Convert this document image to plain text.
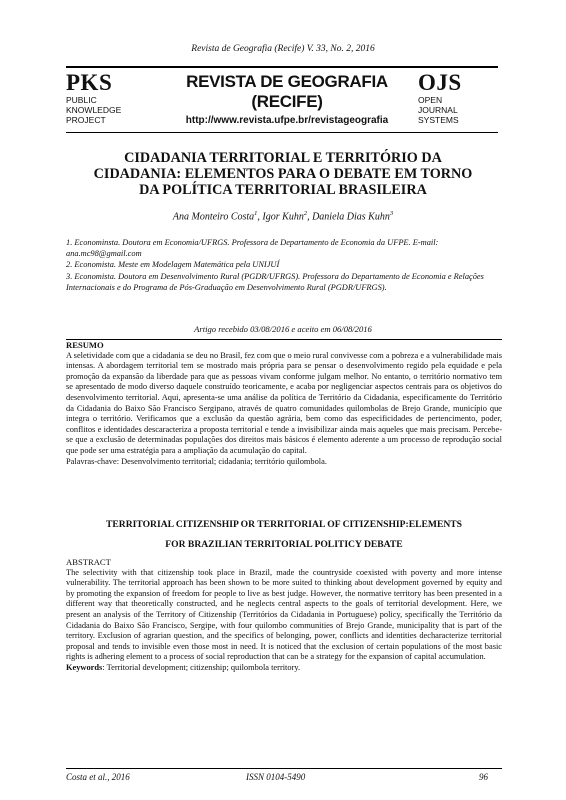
Revista de Geografia (Recife) V. 33, No. 2, 2016
PKS
PUBLIC
KNOWLEDGE
PROJECT
REVISTA DE GEOGRAFIA
(RECIFE)
http://www.revista.ufpe.br/revistageografia
OJS
OPEN
JOURNAL
SYSTEMS
CIDADANIA TERRITORIAL E TERRITÓRIO DA
CIDADANIA: ELEMENTOS PARA O DEBATE EM TORNO
DA POLÍTICA TERRITORIAL BRASILEIRA
Ana Monteiro Costa$^1$, Igor Kuhn$^2$, Daniela Dias Kuhn$^3$
1. Econominsta. Doutora em Economia/UFRGS. Professora de Departamento de Economia da UFPE. E-mail: ana.mc98@gmail.com
2. Economista. Meste em Modelagem Matemática pela UNIJUÍ
3. Economista. Doutora em Desenvolvimento Rural (PGDR/UFRGS). Professora do Departamento de Economia e Relações Internacionais e do Programa de Pós-Graduação em Desenvolvimento Rural (PGDR/UFRGS).
Artigo recebido 03/08/2016 e aceito em 06/08/2016
RESUMO

A seletividade com que a cidadania se deu no Brasil, fez com que o meio rural convivesse com a pobreza e a vulnerabilidade mais intensas. A abordagem territorial tem se mostrado mais própria para se pensar o desenvolvimento regido pela equidade e pela promoção da expansão da liberdade para que as pessoas vivam conforme julgam melhor. No entanto, o território normativo tem se apresentado de modo diverso daquele construído teoricamente, e acaba por negligenciar aspectos centrais para os objetivos do desenvolvimento territorial. Aqui, apresenta-se uma análise da política de Território da Cidadania, especificamente do Território da Cidadania do Baixo São Francisco Sergipano, através de quatro comunidades quilombolas de Brejo Grande, município que integra o território. Verificamos que a exclusão da questão agrária, bem como das especificidades de pertencimento, poder, conflitos e identidades descaracteriza a proposta territorial e tende a invisibilizar ainda mais aqueles que mais precisam. Percebe-se que a exclusão de determinadas populações dos direitos mais básicos é elemento aderente a um processo de reprodução social que pode ser uma estratégia para a ampliação da acumulação do capital.

Palavras-chave: Desenvolvimento territorial; cidadania; território quilombola.

TERRITORIAL CITIZENSHIP OR TERRITORIAL OF CITIZENSHIP:ELEMENTS
FOR BRAZILIAN TERRITORIAL POLITICY DEBATE
ABSTRACT

The selectivity with that citizenship took place in Brazil, made the countryside coexisted with poverty and more intense vulnerability. The territorial approach has been shown to be more suited to thinking about development governed by equity and by promoting the expansion of freedom for people to live as best judge. However, the normative territory has been presented in a different way that theoretically constructed, and he neglects central aspects to the goals of territorial development. Here, we present an analysis of the Territory of Citizenship (Territórios da Cidadania in Portuguese) policy, specifically the Território da Cidadania do Baixo São Francisco, Sergipe, with four quilombo communities of Brejo Grande, municipality that is part of the territory. Exclusion of agrarian question, and the specifics of belonging, power, conflicts and identities decharacterize territorial proposal and tends to invisible even those most in need. It is noticed that the exclusion of certain populations of the most basic rights is adhering element to a process of social reproduction that can be a strategy for the expansion of capital accumulation.

Keywords: Territorial development; citizenship; quilombola territory.

Costa et al., 2016	ISSN 0104-5490	96
